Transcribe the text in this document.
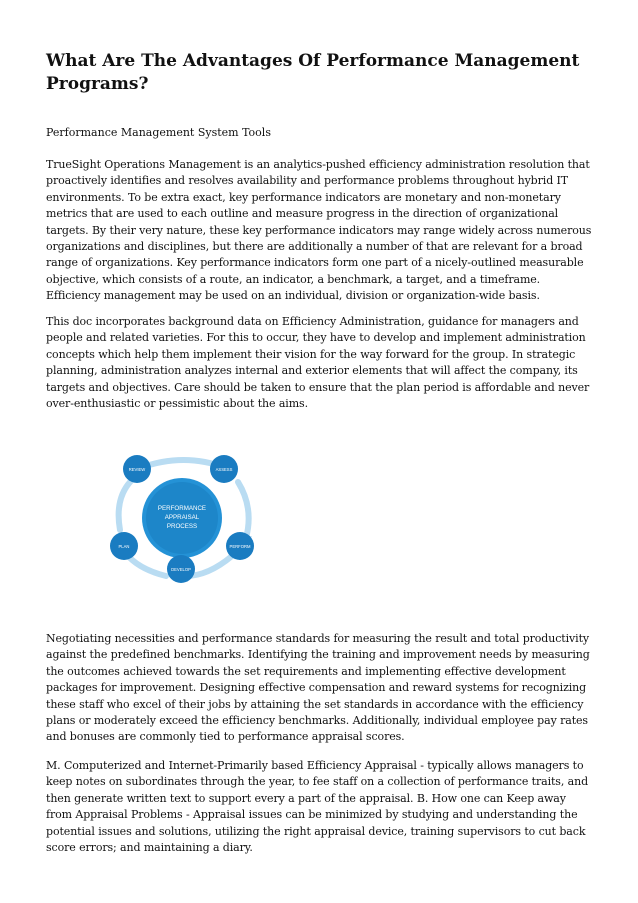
What Are The Advantages Of Performance Management Programs?

Performance Management System Tools

TrueSight Operations Management is an analytics-pushed efficiency administration resolution that proactively identifies and resolves availability and performance problems throughout hybrid IT environments. To be extra exact, key performance indicators are monetary and non-monetary metrics that are used to each outline and measure progress in the direction of organizational targets. By their very nature, these key performance indicators may range widely across numerous organizations and disciplines, but there are additionally a number of that are relevant for a broad range of organizations. Key performance indicators form one part of a nicely-outlined measurable objective, which consists of a route, an indicator, a benchmark, a target, and a timeframe. Efficiency management may be used on an individual, division or organization-wide basis.

This doc incorporates background data on Efficiency Administration, guidance for managers and people and related varieties. For this to occur, they have to develop and implement administration concepts which help them implement their vision for the way forward for the group. In strategic planning, administration analyzes internal and exterior elements that will affect the company, its targets and objectives. Care should be taken to ensure that the plan period is affordable and never over-enthusiastic or pessimistic about the aims.

PERFORMANCE
APPRAISAL
PROCESS
REVIEW	ASSESS
PERFORM
DEVELOP
PLAN

Negotiating necessities and performance standards for measuring the result and total productivity against the predefined benchmarks. Identifying the training and improvement needs by measuring the outcomes achieved towards the set requirements and implementing effective development packages for improvement. Designing effective compensation and reward systems for recognizing these staff who excel of their jobs by attaining the set standards in accordance with the efficiency plans or moderately exceed the efficiency benchmarks. Additionally, individual employee pay rates and bonuses are commonly tied to performance appraisal scores.

M. Computerized and Internet-Primarily based Efficiency Appraisal - typically allows managers to keep notes on subordinates through the year, to fee staff on a collection of performance traits, and then generate written text to support every a part of the appraisal. B. How one can Keep away from Appraisal Problems - Appraisal issues can be minimized by studying and understanding the potential issues and solutions, utilizing the right appraisal device, training supervisors to cut back score errors; and maintaining a diary.
